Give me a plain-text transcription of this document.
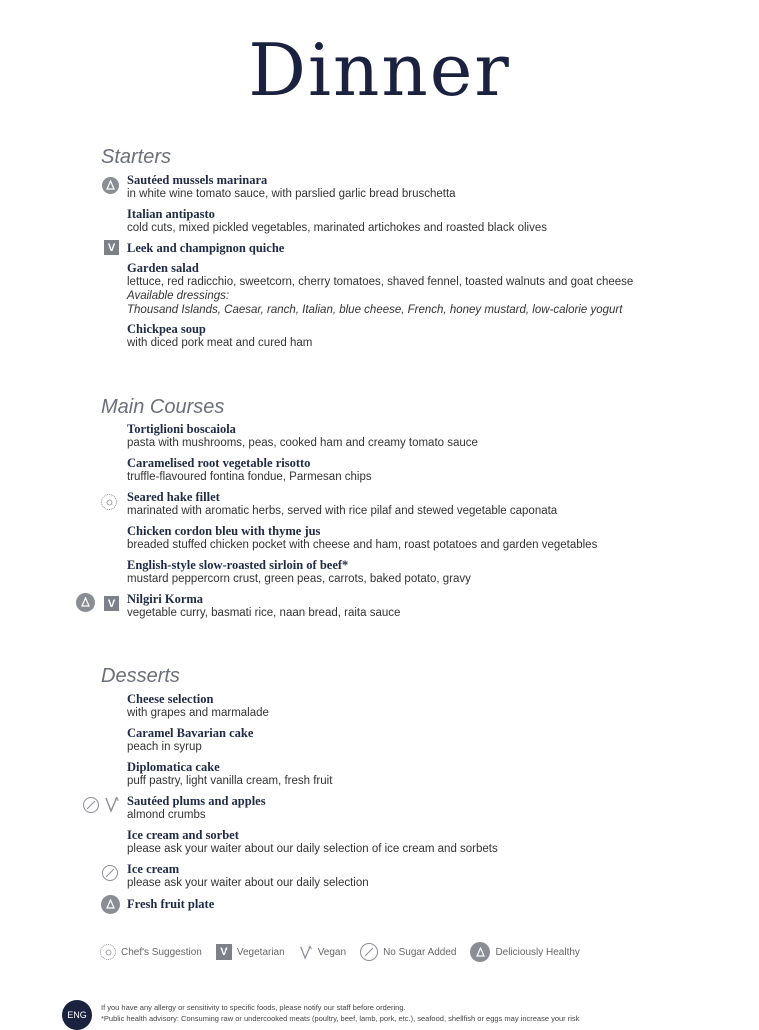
Dinner
Starters
Sautéed mussels marinara
in white wine tomato sauce, with parslied garlic bread bruschetta
Italian antipasto
cold cuts, mixed pickled vegetables, marinated artichokes and roasted black olives
V Leek and champignon quiche
Garden salad
lettuce, red radicchio, sweetcorn, cherry tomatoes, shaved fennel, toasted walnuts and goat cheese
Available dressings:
Thousand Islands, Caesar, ranch, Italian, blue cheese, French, honey mustard, low-calorie yogurt
Chickpea soup
with diced pork meat and cured ham
Main Courses
Tortiglioni boscaiola
pasta with mushrooms, peas, cooked ham and creamy tomato sauce
Caramelised root vegetable risotto
truffle-flavoured fontina fondue, Parmesan chips
Seared hake fillet
marinated with aromatic herbs, served with rice pilaf and stewed vegetable caponata
Chicken cordon bleu with thyme jus
breaded stuffed chicken pocket with cheese and ham, roast potatoes and garden vegetables
English-style slow-roasted sirloin of beef*
mustard peppercorn crust, green peas, carrots, baked potato, gravy
V Nilgiri Korma
vegetable curry, basmati rice, naan bread, raita sauce
Desserts
Cheese selection
with grapes and marmalade
Caramel Bavarian cake
peach in syrup
Diplomatica cake
puff pastry, light vanilla cream, fresh fruit
Sautéed plums and apples
almond crumbs
Ice cream and sorbet
please ask your waiter about our daily selection of ice cream and sorbets
Ice cream
please ask your waiter about our daily selection
Fresh fruit plate
Chef's Suggestion	V Vegetarian	Vegan	No Sugar Added	Deliciously Healthy
ENG
If you have any allergy or sensitivity to specific foods, please notify our staff before ordering.
*Public health advisory: Consuming raw or undercooked meats (poultry, beef, lamb, pork, etc.), seafood, shellfish or eggs may increase your risk
